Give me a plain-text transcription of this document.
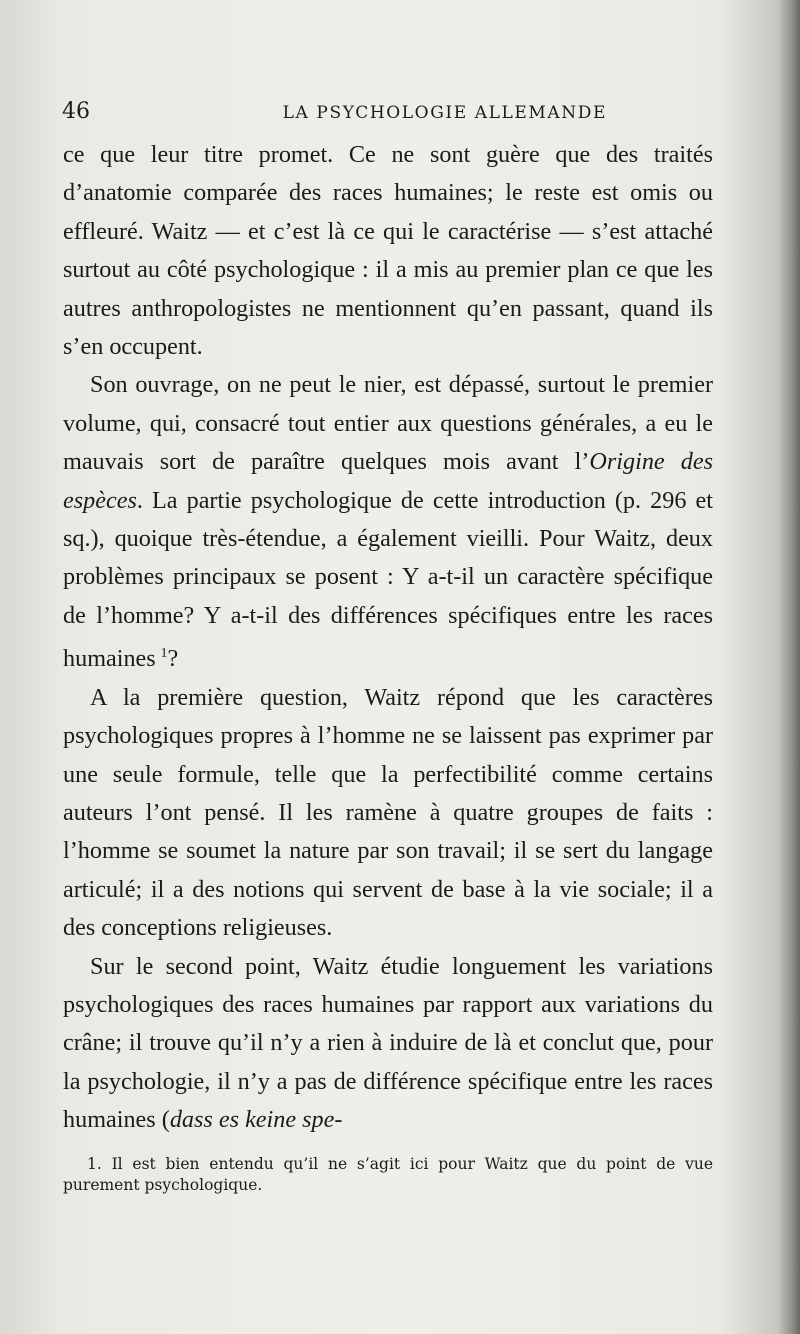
46	LA PSYCHOLOGIE ALLEMANDE

ce que leur titre promet. Ce ne sont guère que des traités d’anatomie comparée des races humaines; le reste est omis ou effleuré. Waitz — et c’est là ce qui le caractérise — s’est attaché surtout au côté psychologique : il a mis au premier plan ce que les autres anthropologistes ne mentionnent qu’en passant, quand ils s’en occupent.

Son ouvrage, on ne peut le nier, est dépassé, surtout le premier volume, qui, consacré tout entier aux questions générales, a eu le mauvais sort de paraître quelques mois avant l’Origine des espèces. La partie psychologique de cette introduction (p. 296 et sq.), quoique très-étendue, a également vieilli. Pour Waitz, deux problèmes principaux se posent : Y a-t-il un caractère spécifique de l’homme? Y a-t-il des différences spécifiques entre les races humaines  $^1$?

A la première question, Waitz répond que les caractères psychologiques propres à l’homme ne se laissent pas exprimer par une seule formule, telle que la perfectibilité comme certains auteurs l’ont pensé. Il les ramène à quatre groupes de faits : l’homme se soumet la nature par son travail; il se sert du langage articulé; il a des notions qui servent de base à la vie sociale; il a des conceptions religieuses.

Sur le second point, Waitz étudie longuement les variations psychologiques des races humaines par rapport aux variations du crâne; il trouve qu’il n’y a rien à induire de là et conclut que, pour la psychologie, il n’y a pas de différence spécifique entre les races humaines (dass es keine spe-

1. Il est bien entendu qu’il ne s’agit ici pour Waitz que du point de vue purement psychologique.
